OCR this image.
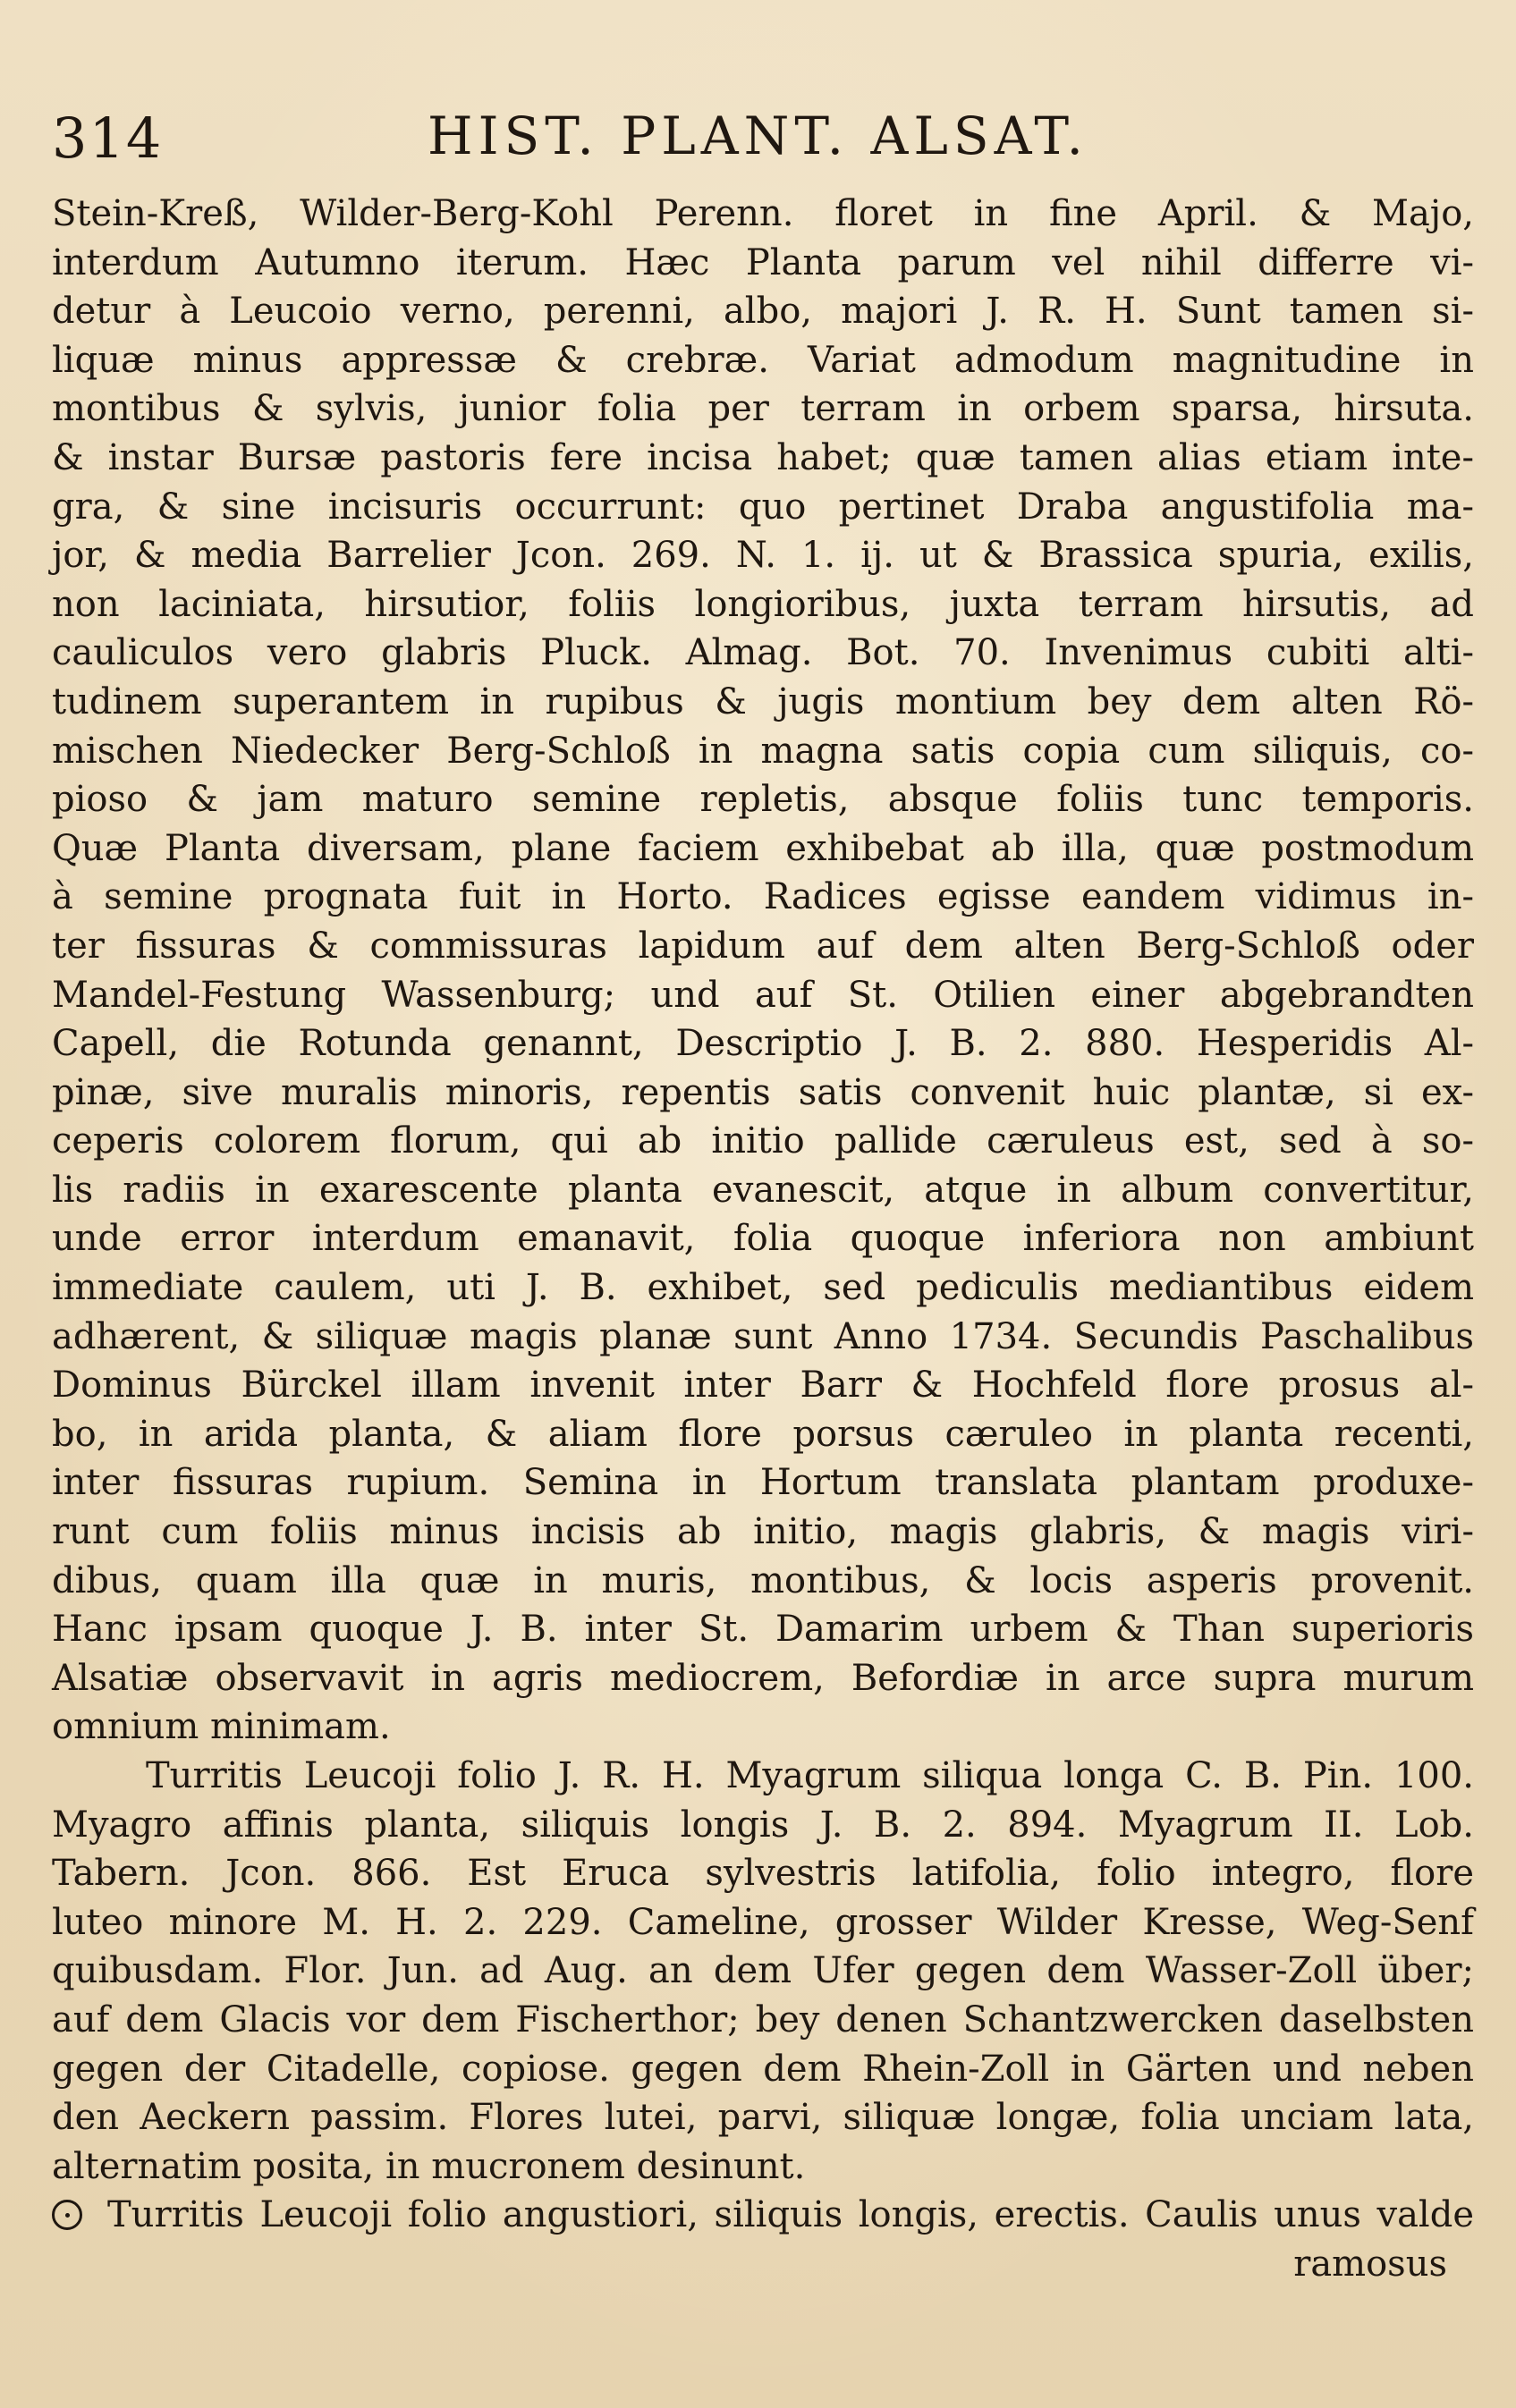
314	HIST. PLANT. ALSAT.
Stein-Kreß, Wilder-Berg-Kohl Perenn. floret in fine April. & Majo,
interdum Autumno iterum. Hæc Planta parum vel nihil differre vi-
detur à Leucoio verno, perenni, albo, majori J. R. H. Sunt tamen si-
liquæ minus appressæ & crebræ. Variat admodum magnitudine in
montibus & sylvis, junior folia per terram in orbem sparsa, hirsuta.
& instar Bursæ pastoris fere incisa habet; quæ tamen alias etiam inte-
gra, & sine incisuris occurrunt: quo pertinet Draba angustifolia ma-
jor, & media Barrelier Jcon. 269. N. 1. ij. ut & Brassica spuria, exilis,
non laciniata, hirsutior, foliis longioribus, juxta terram hirsutis, ad
cauliculos vero glabris Pluck. Almag. Bot. 70. Invenimus cubiti alti-
tudinem superantem in rupibus & jugis montium bey dem alten Rö-
mischen Niedecker Berg-Schloß in magna satis copia cum siliquis, co-
pioso & jam maturo semine repletis, absque foliis tunc temporis.
Quæ Planta diversam, plane faciem exhibebat ab illa, quæ postmodum
à semine prognata fuit in Horto. Radices egisse eandem vidimus in-
ter fissuras & commissuras lapidum auf dem alten Berg-Schloß oder
Mandel-Festung Wassenburg; und auf St. Otilien einer abgebrandten
Capell, die Rotunda genannt, Descriptio J. B. 2. 880. Hesperidis Al-
pinæ, sive muralis minoris, repentis satis convenit huic plantæ, si ex-
ceperis colorem florum, qui ab initio pallide cæruleus est, sed à so-
lis radiis in exarescente planta evanescit, atque in album convertitur,
unde error interdum emanavit, folia quoque inferiora non ambiunt
immediate caulem, uti J. B. exhibet, sed pediculis mediantibus eidem
adhærent, & siliquæ magis planæ sunt Anno 1734. Secundis Paschalibus
Dominus Bürckel illam invenit inter Barr & Hochfeld flore prosus al-
bo, in arida planta, & aliam flore porsus cæruleo in planta recenti,
inter fissuras rupium. Semina in Hortum translata plantam produxe-
runt cum foliis minus incisis ab initio, magis glabris, & magis viri-
dibus, quam illa quæ in muris, montibus, & locis asperis provenit.
Hanc ipsam quoque J. B. inter St. Damarim urbem & Than superioris
Alsatiæ observavit in agris mediocrem, Befordiæ in arce supra murum
omnium minimam.
Turritis Leucoji folio J. R. H. Myagrum siliqua longa C. B. Pin. 100.
Myagro affinis planta, siliquis longis J. B. 2. 894. Myagrum II. Lob.
Tabern. Jcon. 866. Est Eruca sylvestris latifolia, folio integro, flore
luteo minore M. H. 2. 229. Cameline, grosser Wilder Kresse, Weg-Senf
quibusdam. Flor. Jun. ad Aug. an dem Ufer gegen dem Wasser-Zoll über;
auf dem Glacis vor dem Fischerthor; bey denen Schantzwercken daselbsten
gegen der Citadelle, copiose. gegen dem Rhein-Zoll in Gärten und neben
den Aeckern passim. Flores lutei, parvi, siliquæ longæ, folia unciam lata,
alternatim posita, in mucronem desinunt.
Turritis Leucoji folio angustiori, siliquis longis, erectis. Caulis unus valde
ramosus
